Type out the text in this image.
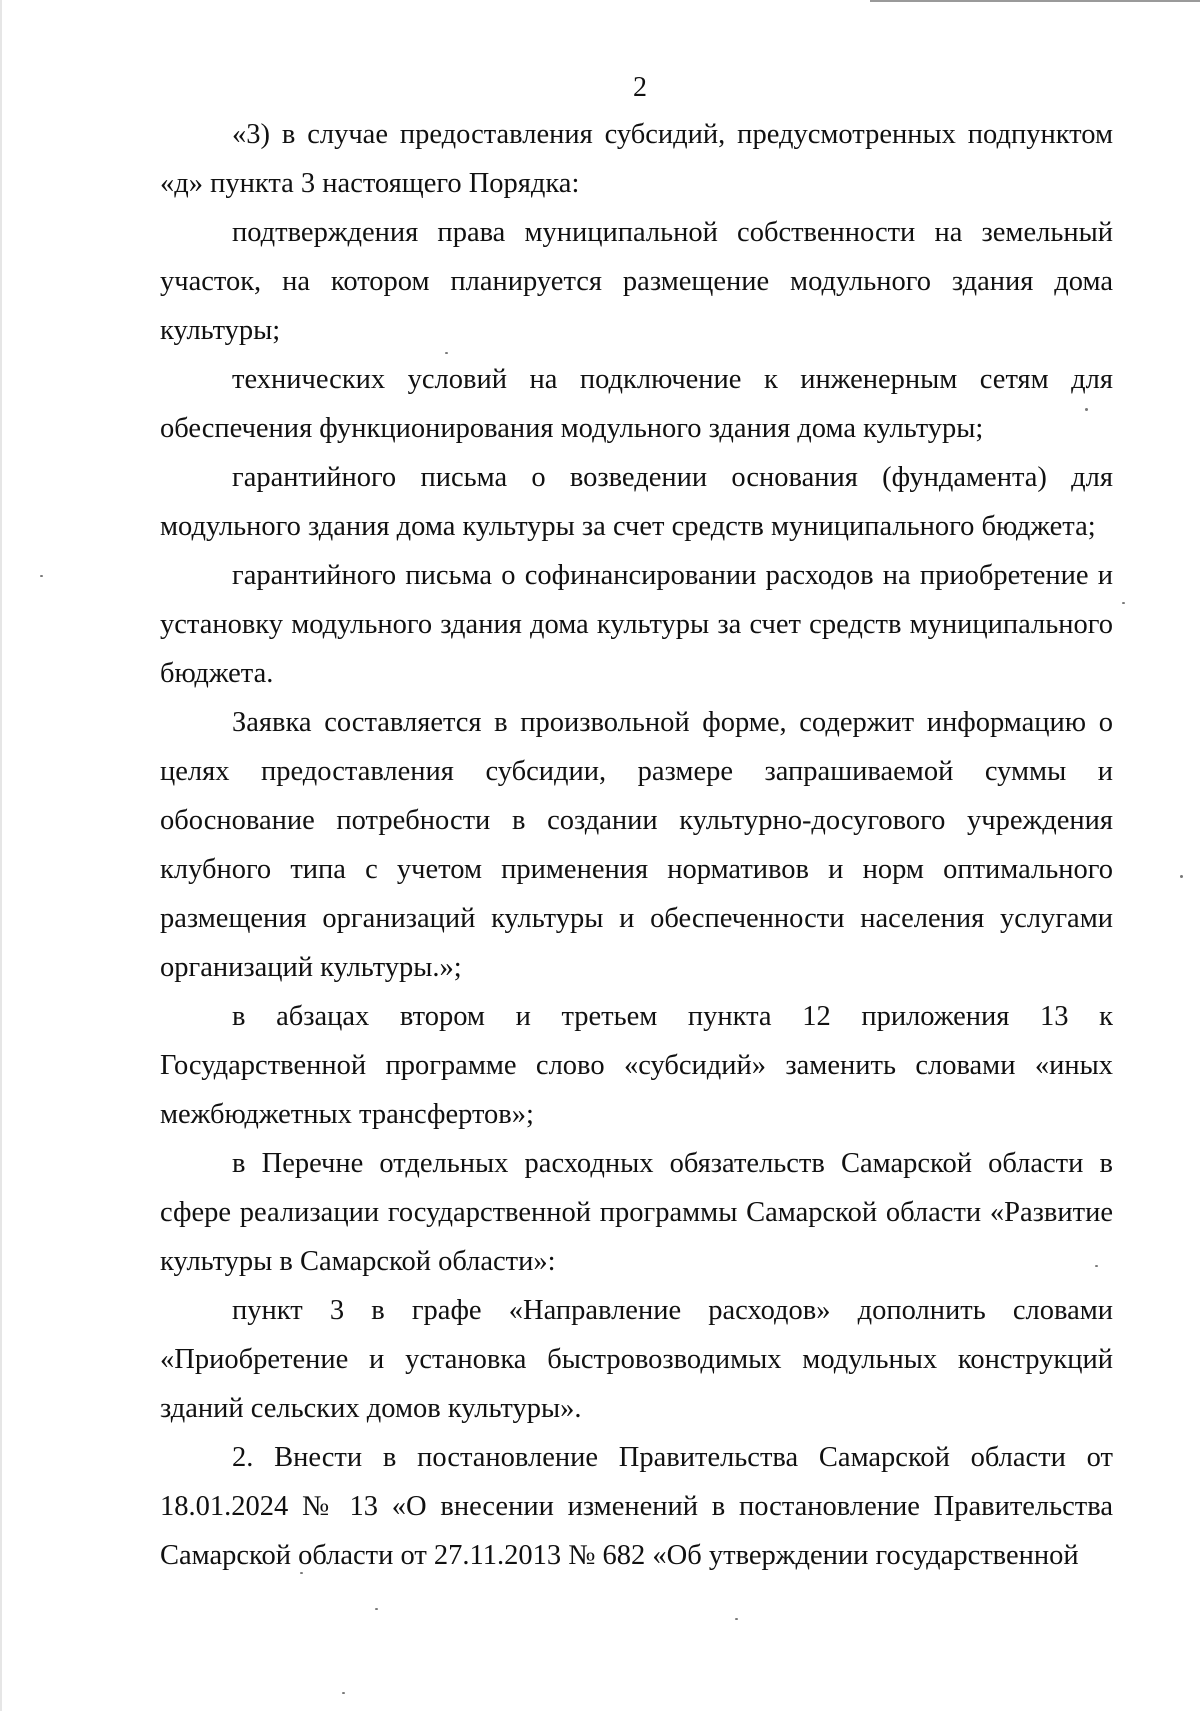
2

«3) в случае предоставления субсидий, предусмотренных подпунктом «д» пункта 3 настоящего Порядка:

подтверждения права муниципальной собственности на земельный участок, на котором планируется размещение модульного здания дома культуры;

технических условий на подключение к инженерным сетям для обеспечения функционирования модульного здания дома культуры;

гарантийного письма о возведении основания (фундамента) для модульного здания дома культуры за счет средств муниципального бюджета;

гарантийного письма о софинансировании расходов на приобретение и установку модульного здания дома культуры за счет средств муниципального бюджета.

Заявка составляется в произвольной форме, содержит информацию о целях предоставления субсидии, размере запрашиваемой суммы и обоснование потребности в создании культурно-досугового учреждения клубного типа с учетом применения нормативов и норм оптимального размещения организаций культуры и обеспеченности населения услугами организаций культуры.»;

в абзацах втором и третьем пункта 12 приложения 13 к Государственной программе слово «субсидий» заменить словами «иных межбюджетных трансфертов»;

в Перечне отдельных расходных обязательств Самарской области в сфере реализации государственной программы Самарской области «Развитие культуры в Самарской области»:

пункт 3 в графе «Направление расходов» дополнить словами «Приобретение и установка быстровозводимых модульных конструкций зданий сельских домов культуры».

2. Внести в постановление Правительства Самарской области от 18.01.2024 № 13 «О внесении изменений в постановление Правительства Самарской области от 27.11.2013 № 682 «Об утверждении государственной
